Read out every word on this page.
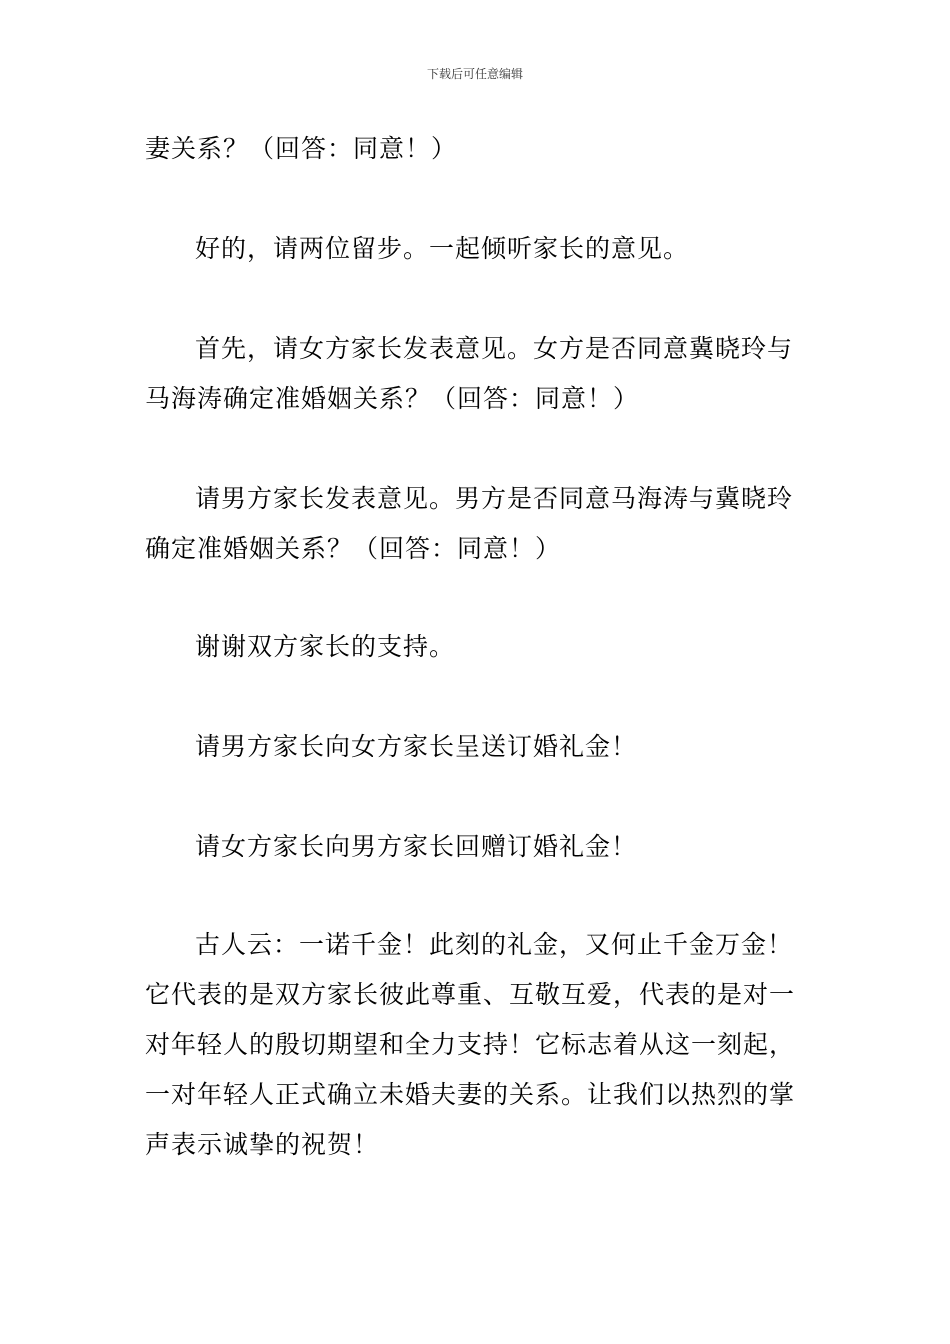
下载后可任意编辑

妻关系？（回答：同意！）

好的，请两位留步。一起倾听家长的意见。

首先，请女方家长发表意见。女方是否同意冀晓玲与
马海涛确定准婚姻关系？（回答：同意！）

请男方家长发表意见。男方是否同意马海涛与冀晓玲
确定准婚姻关系？（回答：同意！）

谢谢双方家长的支持。

请男方家长向女方家长呈送订婚礼金！

请女方家长向男方家长回赠订婚礼金！

古人云：一诺千金！此刻的礼金，又何止千金万金！
它代表的是双方家长彼此尊重、互敬互爱，代表的是对一
对年轻人的殷切期望和全力支持！它标志着从这一刻起，
一对年轻人正式确立未婚夫妻的关系。让我们以热烈的掌
声表示诚挚的祝贺！
